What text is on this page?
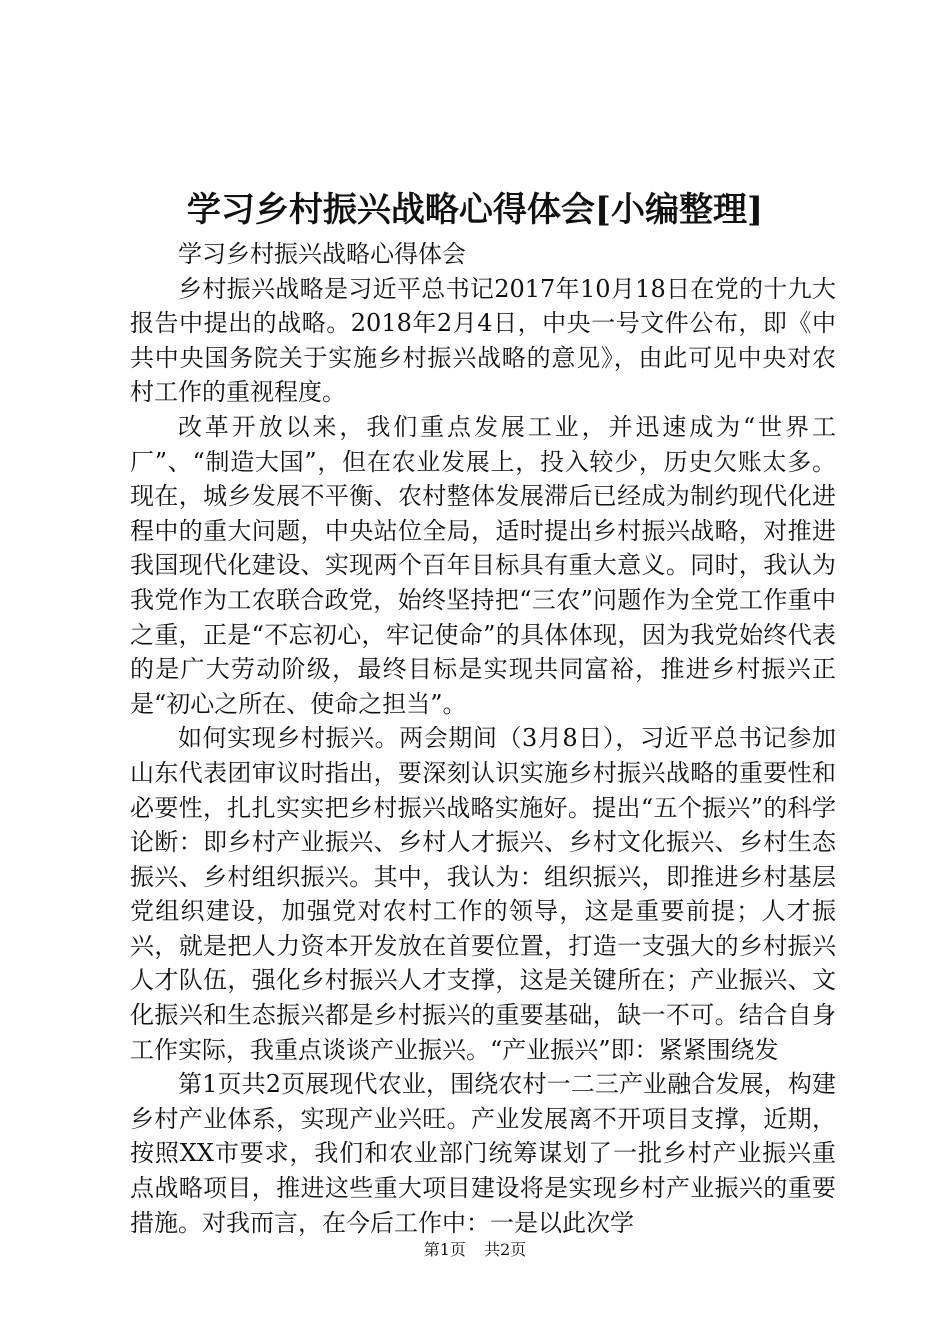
学习乡村振兴战略心得体会[小编整理]

学习乡村振兴战略心得体会

乡村振兴战略是习近平总书记2017年10月18日在党的十九大报告中提出的战略。2018年2月4日，中央一号文件公布，即《中共中央国务院关于实施乡村振兴战略的意见》，由此可见中央对农村工作的重视程度。

改革开放以来，我们重点发展工业，并迅速成为“世界工厂”、“制造大国”，但在农业发展上，投入较少，历史欠账太多。现在，城乡发展不平衡、农村整体发展滞后已经成为制约现代化进程中的重大问题，中央站位全局，适时提出乡村振兴战略，对推进我国现代化建设、实现两个百年目标具有重大意义。同时，我认为我党作为工农联合政党，始终坚持把“三农”问题作为全党工作重中之重，正是“不忘初心，牢记使命”的具体体现，因为我党始终代表的是广大劳动阶级，最终目标是实现共同富裕，推进乡村振兴正是“初心之所在、使命之担当”。

如何实现乡村振兴。两会期间（3月8日），习近平总书记参加山东代表团审议时指出，要深刻认识实施乡村振兴战略的重要性和必要性，扎扎实实把乡村振兴战略实施好。提出“五个振兴”的科学论断：即乡村产业振兴、乡村人才振兴、乡村文化振兴、乡村生态振兴、乡村组织振兴。其中，我认为：组织振兴，即推进乡村基层党组织建设，加强党对农村工作的领导，这是重要前提；人才振兴，就是把人力资本开发放在首要位置，打造一支强大的乡村振兴人才队伍，强化乡村振兴人才支撑，这是关键所在；产业振兴、文化振兴和生态振兴都是乡村振兴的重要基础，缺一不可。结合自身工作实际，我重点谈谈产业振兴。“产业振兴”即：紧紧围绕发

第1页共2页展现代农业，围绕农村一二三产业融合发展，构建乡村产业体系，实现产业兴旺。产业发展离不开项目支撑，近期，按照XX市要求，我们和农业部门统筹谋划了一批乡村产业振兴重点战略项目，推进这些重大项目建设将是实现乡村产业振兴的重要措施。对我而言，在今后工作中：一是以此次学

第1页 共2页
